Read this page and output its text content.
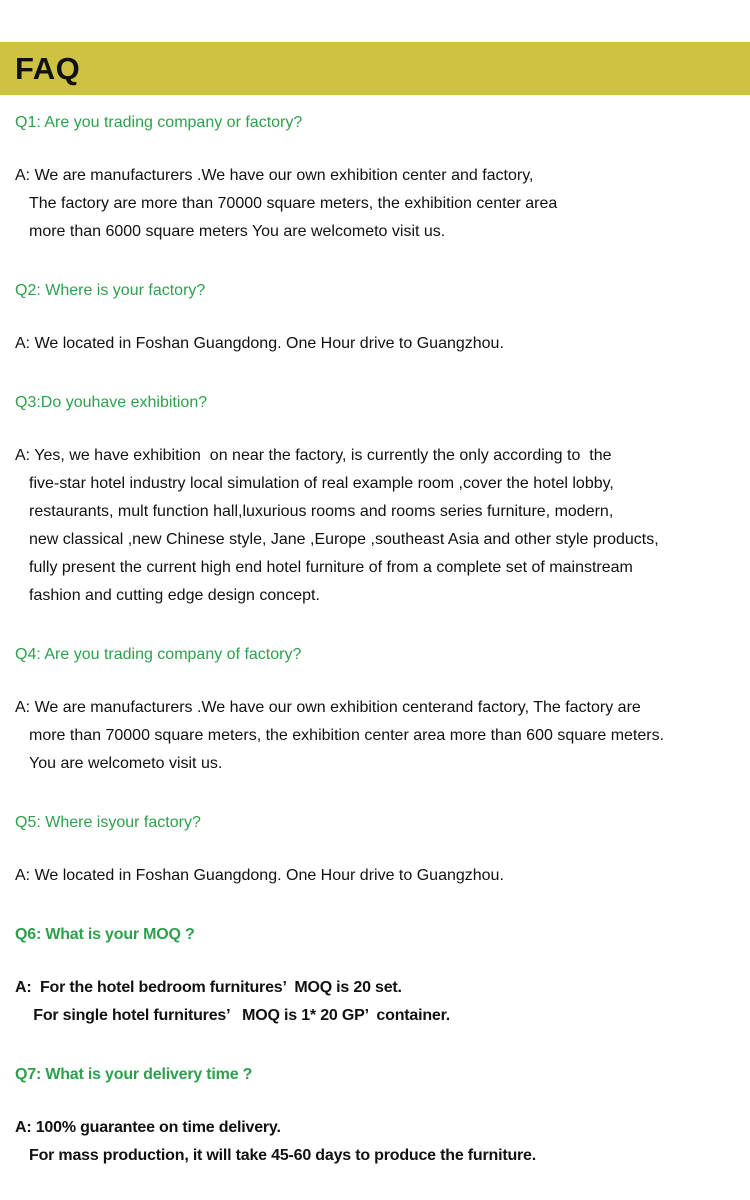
FAQ
Q1: Are you trading company or factory?
A: We are manufacturers .We have our own exhibition center and factory,
The factory are more than 70000 square meters, the exhibition center area
more than 6000 square meters You are welcometo visit us.
Q2: Where is your factory?
A: We located in Foshan Guangdong. One Hour drive to Guangzhou.
Q3:Do youhave exhibition?
A: Yes, we have exhibition  on near the factory, is currently the only according to  the
five-star hotel industry local simulation of real example room ,cover the hotel lobby,
restaurants, mult function hall,luxurious rooms and rooms series furniture, modern,
new classical ,new Chinese style, Jane ,Europe ,southeast Asia and other style products,
fully present the current high end hotel furniture of from a complete set of mainstream
fashion and cutting edge design concept.
Q4: Are you trading company of factory?
A: We are manufacturers .We have our own exhibition centerand factory, The factory are
more than 70000 square meters, the exhibition center area more than 600 square meters.
You are welcometo visit us.
Q5: Where isyour factory?
A: We located in Foshan Guangdong. One Hour drive to Guangzhou.
Q6: What is your MOQ ?
A:  For the hotel bedroom furnitures’  MOQ is 20 set.
For single hotel furnitures’   MOQ is 1* 20 GP’  container.
Q7: What is your delivery time ?
A: 100% guarantee on time delivery.
For mass production, it will take 45-60 days to produce the furniture.
